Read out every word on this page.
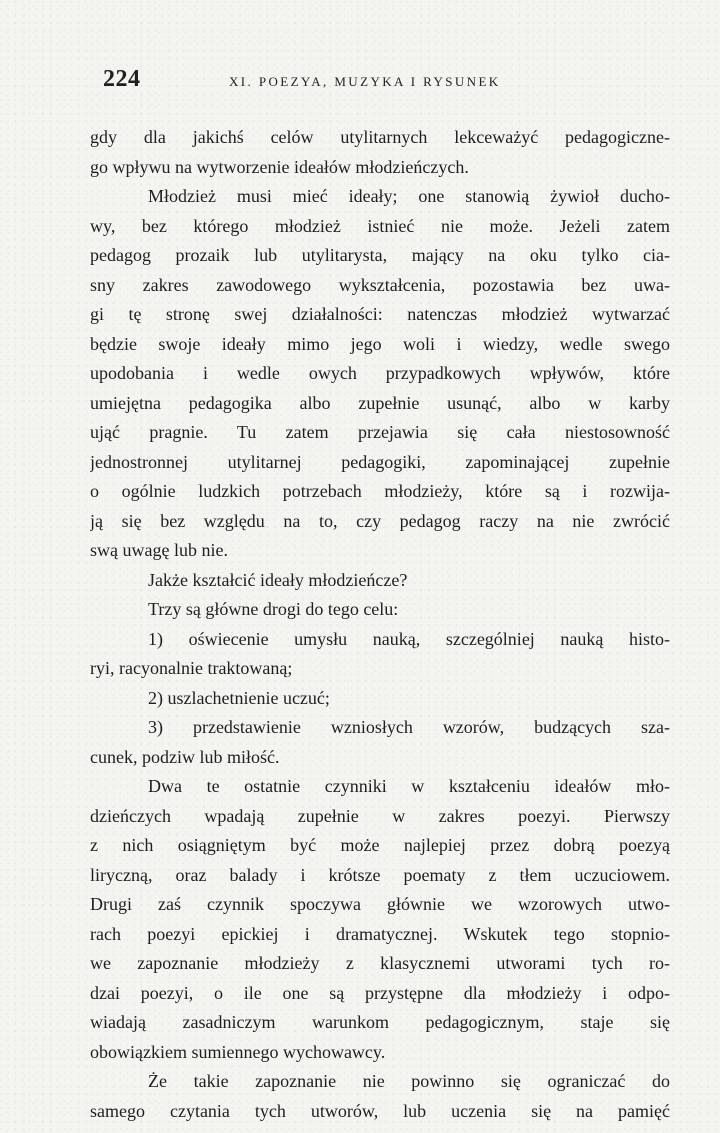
224	XI. POEZYA, MUZYKA I RYSUNEK
gdy dla jakichś celów utylitarnych lekceważyć pedagogiczne-
go wpływu na wytworzenie ideałów młodzieńczych.
Młodzież musi mieć ideały; one stanowią żywioł ducho-
wy, bez którego młodzież istnieć nie może. Jeżeli zatem
pedagog prozaik lub utylitarysta, mający na oku tylko cia-
sny zakres zawodowego wykształcenia, pozostawia bez uwa-
gi tę stronę swej działalności: natenczas młodzież wytwarzać
będzie swoje ideały mimo jego woli i wiedzy, wedle swego
upodobania i wedle owych przypadkowych wpływów, które
umiejętna pedagogika albo zupełnie usunąć, albo w karby
ująć pragnie. Tu zatem przejawia się cała niestosowność
jednostronnej utylitarnej pedagogiki, zapominającej zupełnie
o ogólnie ludzkich potrzebach młodzieży, które są i rozwija-
ją się bez względu na to, czy pedagog raczy na nie zwrócić
swą uwagę lub nie.
Jakże kształcić ideały młodzieńcze?
Trzy są główne drogi do tego celu:
1) oświecenie umysłu nauką, szczególniej nauką histo-
ryi, racyonalnie traktowaną;
2) uszlachetnienie uczuć;
3) przedstawienie wzniosłych wzorów, budzących sza-
cunek, podziw lub miłość.
Dwa te ostatnie czynniki w kształceniu ideałów mło-
dzieńczych wpadają zupełnie w zakres poezyi. Pierwszy
z nich osiągniętym być może najlepiej przez dobrą poezyą
liryczną, oraz balady i krótsze poematy z tłem uczuciowem.
Drugi zaś czynnik spoczywa głównie we wzorowych utwo-
rach poezyi epickiej i dramatycznej. Wskutek tego stopnio-
we zapoznanie młodzieży z klasycznemi utworami tych ro-
dzai poezyi, o ile one są przystępne dla młodzieży i odpo-
wiadają zasadniczym warunkom pedagogicznym, staje się
obowiązkiem sumiennego wychowawcy.
Że takie zapoznanie nie powinno się ograniczać do
samego czytania tych utworów, lub uczenia się na pamięć
